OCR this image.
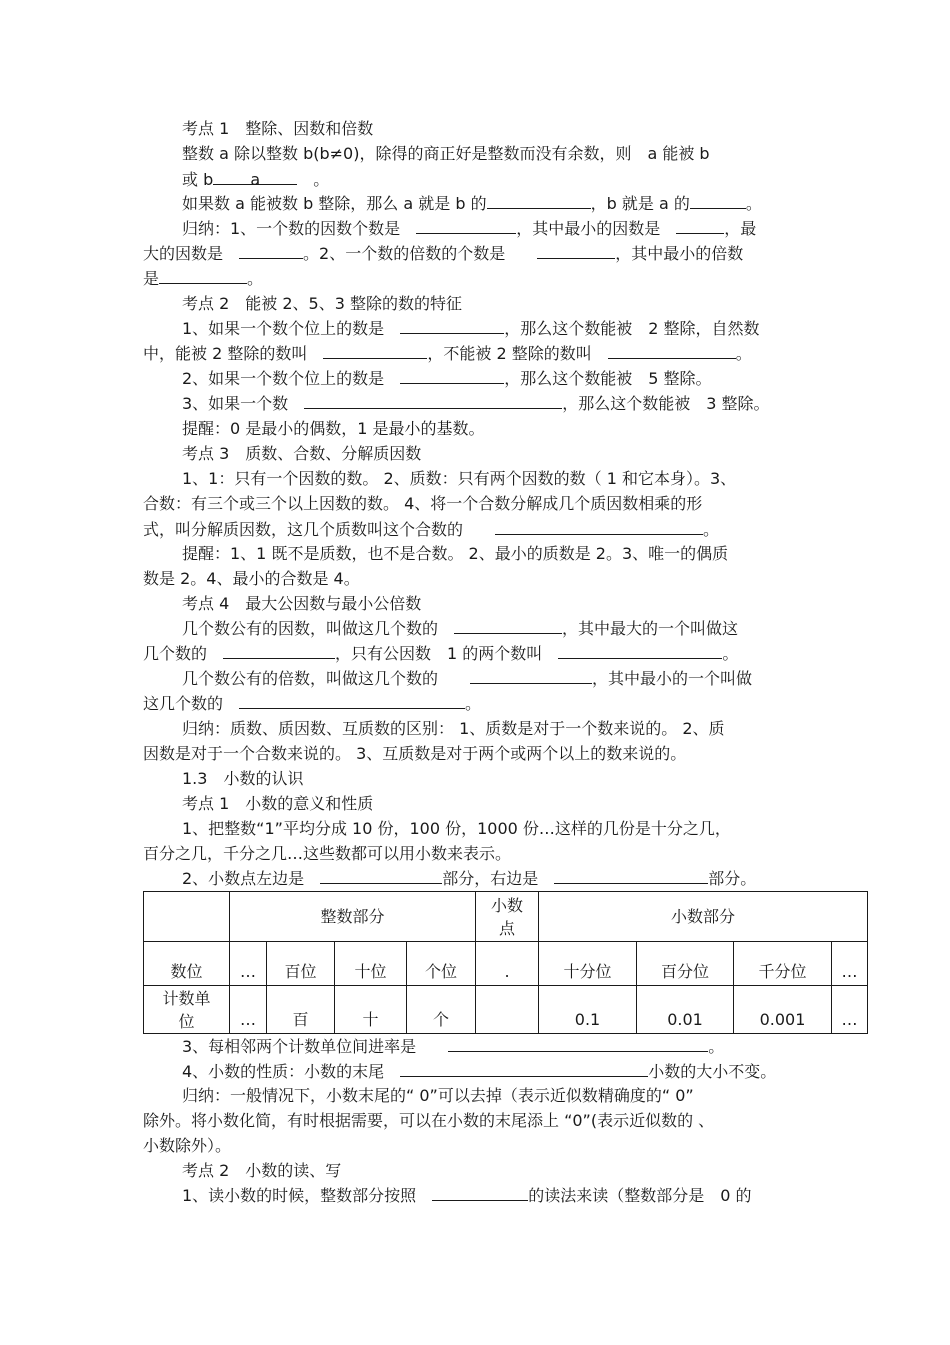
考点 1　整除、因数和倍数
整数 a 除以整数 b(b≠0)，除得的商正好是整数而没有余数，则　a 能被 b
或 b a　	。
如果数 a 能被数 b 整除，那么 a 就是 b 的	，b 就是 a 的	。
归纳：1、一个数的因数个数是　	，其中最小的因数是　	，最
大的因数是　	。2、一个数的倍数的个数是　　	，其中最小的倍数
是	。
考点 2　能被 2、5、3 整除的数的特征
1、如果一个数个位上的数是　	，那么这个数能被　2 整除，自然数
中，能被 2 整除的数叫　	，不能被 2 整除的数叫　	。
2、如果一个数个位上的数是　	，那么这个数能被　5 整除。
3、如果一个数　	，那么这个数能被　3 整除。
提醒：0 是最小的偶数，1 是最小的基数。
考点 3　质数、合数、分解质因数
1、1：只有一个因数的数。 2、质数：只有两个因数的数（ 1 和它本身）。3、
合数：有三个或三个以上因数的数。 4、将一个合数分解成几个质因数相乘的形
式，叫分解质因数，这几个质数叫这个合数的　　	。
提醒：1、1 既不是质数，也不是合数。 2、最小的质数是 2。3、唯一的偶质
数是 2。4、最小的合数是 4。
考点 4　最大公因数与最小公倍数
几个数公有的因数，叫做这几个数的　	，其中最大的一个叫做这
几个数的　	，只有公因数　1 的两个数叫　	。
几个数公有的倍数，叫做这几个数的　　	，其中最小的一个叫做
这几个数的　	。
归纳：质数、质因数、互质数的区别： 1、质数是对于一个数来说的。 2、质
因数是对于一个合数来说的。 3、互质数是对于两个或两个以上的数来说的。
1.3　小数的认识
考点 1　小数的意义和性质
1、把整数“1”平均分成 10 份，100 份，1000 份…这样的几份是十分之几，
百分之几，千分之几…这些数都可以用小数来表示。
2、小数点左边是　	部分，右边是　	部分。
	整数部分				小数
点	小数部分			
数位	…	百位	十位	个位	.	十分位	百分位	千分位	…
计数单
位	…	百	十	个		0.1	0.01	0.001	…
3、每相邻两个计数单位间进率是　　	。
4、小数的性质：小数的末尾　	小数的大小不变。
归纳：一般情况下，小数末尾的“ 0”可以去掉（表示近似数精确度的“ 0”
除外。将小数化简，有时根据需要，可以在小数的末尾添上 “0”(表示近似数的 、
小数除外）。
考点 2　小数的读、写
1、读小数的时候，整数部分按照　	的读法来读（整数部分是　0 的
